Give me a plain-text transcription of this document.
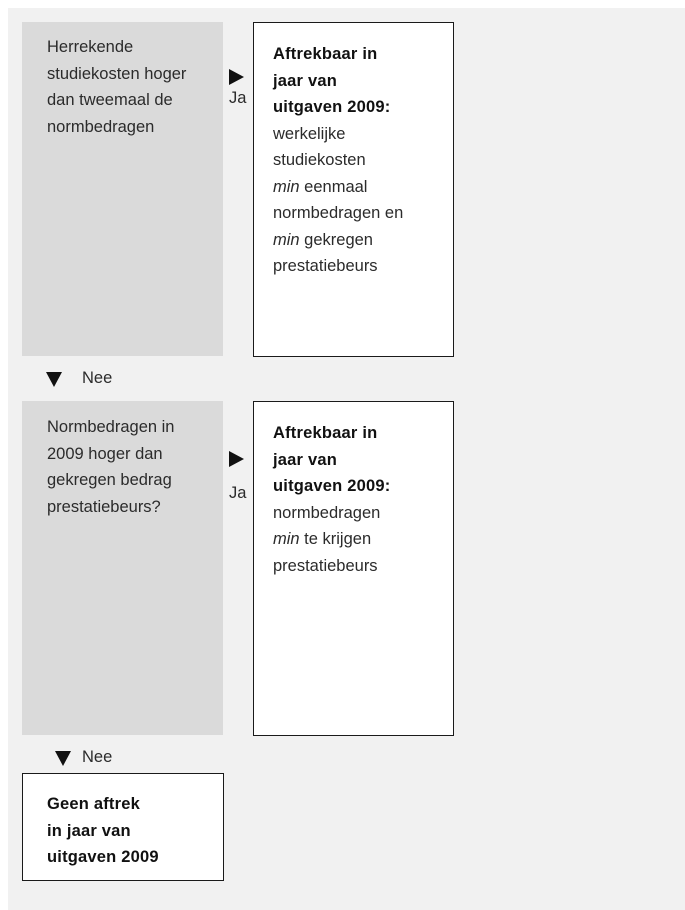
Herrekende
studiekosten hoger
dan tweemaal de
normbedragen
Ja
Aftrekbaar in
jaar van
uitgaven 2009:
werkelijke
studiekosten
min eenmaal
normbedragen en
min gekregen
prestatiebeurs
Nee
Normbedragen in
2009 hoger dan
gekregen bedrag
prestatiebeurs?
Ja
Aftrekbaar in
jaar van
uitgaven 2009:
normbedragen
min te krijgen
prestatiebeurs
Nee
Geen aftrek
in jaar van
uitgaven 2009
